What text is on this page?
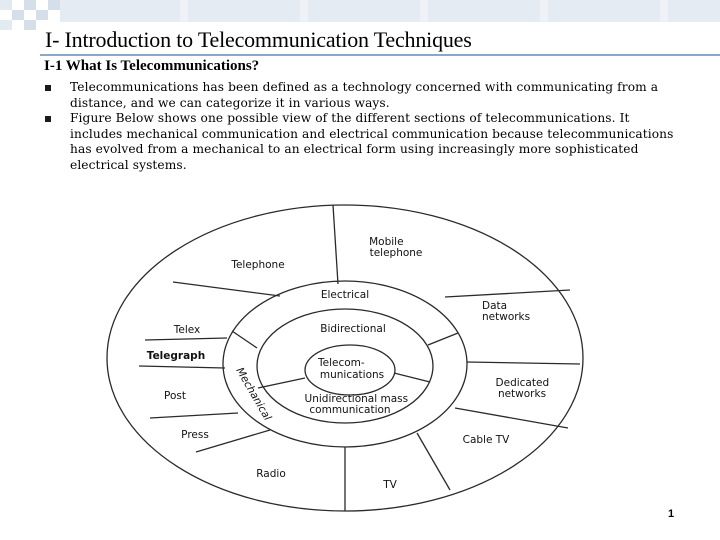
I- Introduction to Telecommunication Techniques
I-1 What Is Telecommunications?
Telecommunications has been defined as a technology concerned with communicating from a distance, and we can categorize it in various ways.
Figure Below shows one possible view of the different sections of telecommunications. It includes mechanical communication and electrical communication because telecommunications has evolved from a mechanical to an electrical form using increasingly more sophisticated electrical systems.
Mobile telephone
Telephone
Data networks
Telex
Telegraph
Dedicated networks
Post
Press	Cable TV
Radio
TV
Electrical
Bidirectional
Unidirectional mass communication
Mechanical
Telecom- munications
1
